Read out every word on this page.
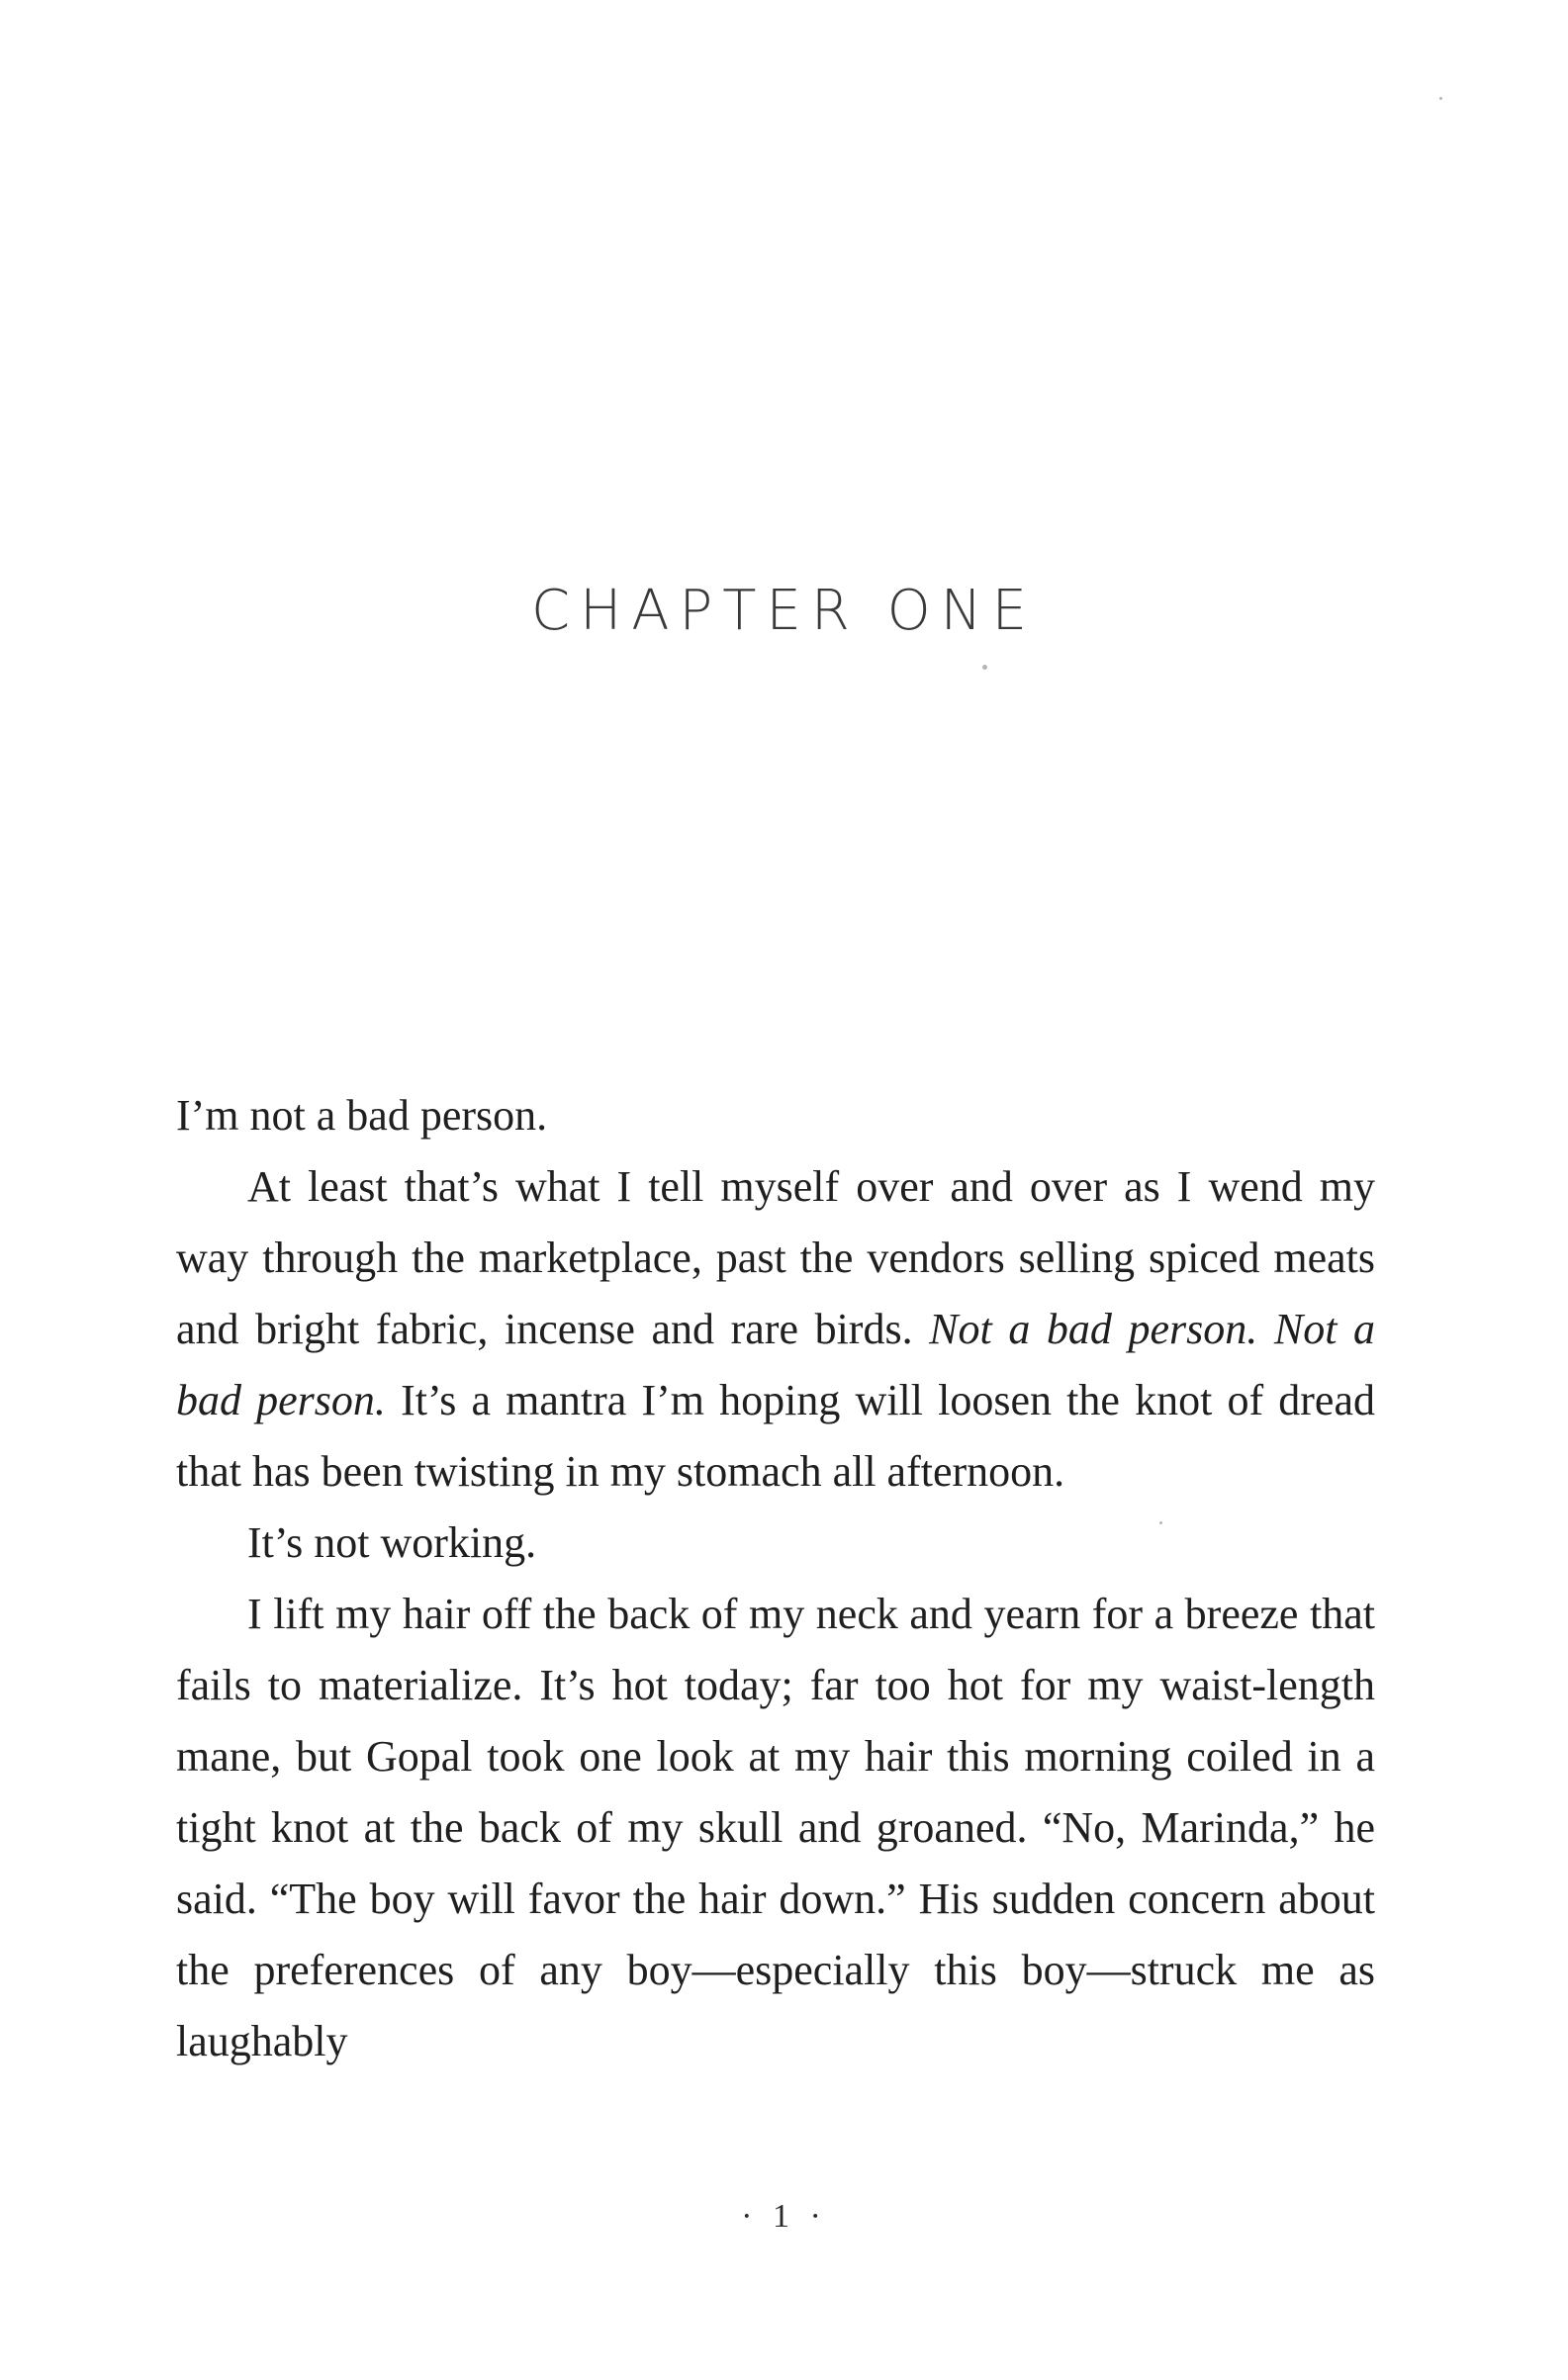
CHAPTER ONE

I’m not a bad person.

At least that’s what I tell myself over and over as I wend my way through the marketplace, past the vendors selling spiced meats and bright fabric, incense and rare birds. Not a bad person. Not a bad person. It’s a mantra I’m hoping will loosen the knot of dread that has been twisting in my stomach all afternoon.

It’s not working.

I lift my hair off the back of my neck and yearn for a breeze that fails to materialize. It’s hot today; far too hot for my waist-length mane, but Gopal took one look at my hair this morning coiled in a tight knot at the back of my skull and groaned. “No, Marinda,” he said. “The boy will favor the hair down.” His sudden concern about the preferences of any boy—especially this boy—struck me as laughably

· 1 ·
